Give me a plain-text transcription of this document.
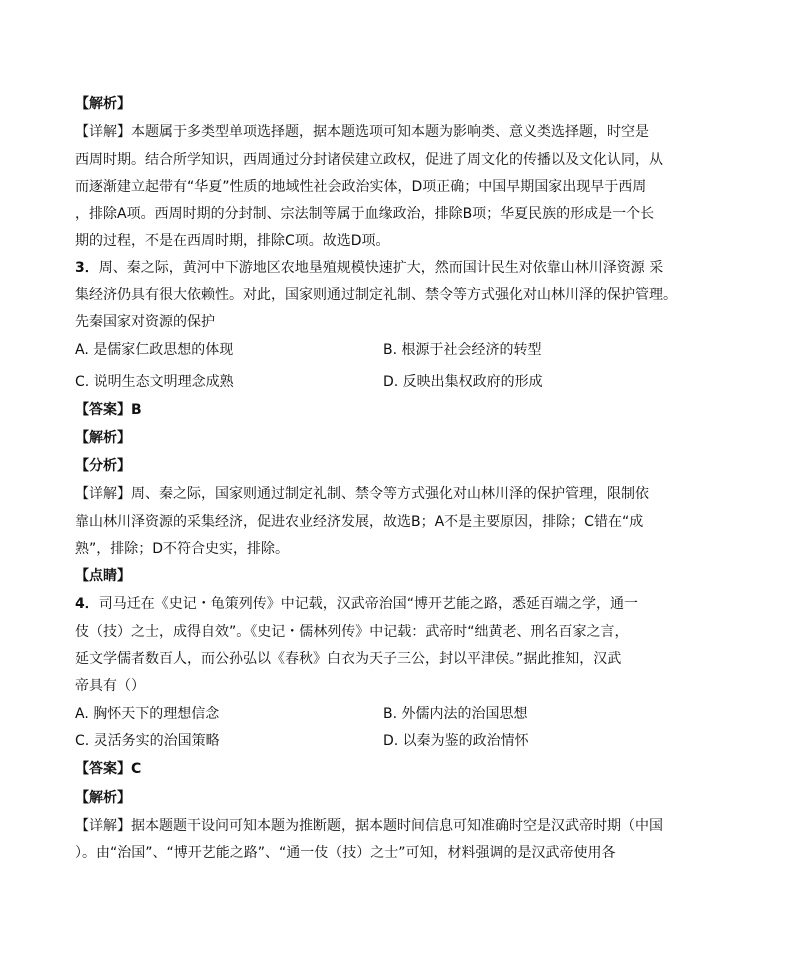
【解析】
【详解】本题属于多类型单项选择题，据本题选项可知本题为影响类、意义类选择题，时空是
西周时期。结合所学知识，西周通过分封诸侯建立政权，促进了周文化的传播以及文化认同，从
而逐渐建立起带有“华夏”性质的地域性社会政治实体，D项正确；中国早期国家出现早于西周
，排除A项。西周时期的分封制、宗法制等属于血缘政治，排除B项；华夏民族的形成是一个长
期的过程，不是在西周时期，排除C项。故选D项。
3．周、秦之际，黄河中下游地区农地垦殖规模快速扩大，然而国计民生对依靠山林川泽资源 采
集经济仍具有很大依赖性。对此，国家则通过制定礼制、禁令等方式强化对山林川泽的保护管理。
先秦国家对资源的保护
A. 是儒家仁政思想的体现	B. 根源于社会经济的转型
C. 说明生态文明理念成熟	D. 反映出集权政府的形成
【答案】B
【解析】
【分析】
【详解】周、秦之际，国家则通过制定礼制、禁令等方式强化对山林川泽的保护管理，限制依
靠山林川泽资源的采集经济，促进农业经济发展，故选B；A不是主要原因，排除；C错在“成
熟”，排除；D不符合史实，排除。
【点睛】
4．司马迁在《史记・龟策列传》中记载，汉武帝治国“博开艺能之路，悉延百端之学，通一
伎（技）之士，成得自效”。《史记・儒林列传》中记载：武帝时“绌黄老、刑名百家之言，
延文学儒者数百人，而公孙弘以《春秋》白衣为天子三公，封以平津侯。”据此推知，汉武
帝具有（）
A. 胸怀天下的理想信念	B. 外儒内法的治国思想
C. 灵活务实的治国策略	D. 以秦为鉴的政治情怀
【答案】C
【解析】
【详解】据本题题干设问可知本题为推断题，据本题时间信息可知准确时空是汉武帝时期（中国
）。由“治国”、“博开艺能之路”、“通一伎（技）之士”可知，材料强调的是汉武帝使用各
